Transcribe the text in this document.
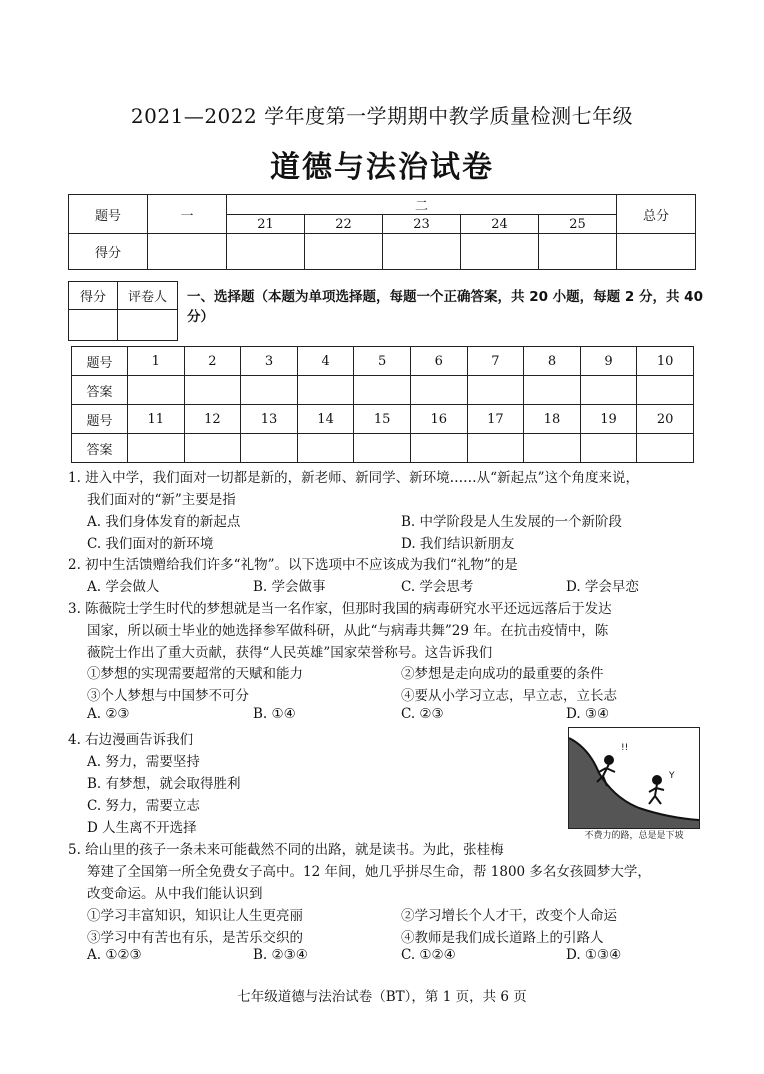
2021—2022 学年度第一学期期中教学质量检测七年级
道德与法治试卷
题号	一	二					总分
		21	22	23	24	25	
得分							
得分	评卷人
	一、选择题（本题为单项选择题，每题一个正确答案，共 20 小题，每题 2 分，共 40 分）
题号	1	2	3	4	5	6	7	8	9	10
答案										
题号	11	12	13	14	15	16	17	18	19	20
答案										
1. 进入中学，我们面对一切都是新的，新老师、新同学、新环境……从“新起点”这个角度来说，
我们面对的“新”主要是指
A. 我们身体发育的新起点	B. 中学阶段是人生发展的一个新阶段
C. 我们面对的新环境	D. 我们结识新朋友
2. 初中生活馈赠给我们许多“礼物”。以下选项中不应该成为我们“礼物”的是
A. 学会做人	B. 学会做事	C. 学会思考	D. 学会早恋
3. 陈薇院士学生时代的梦想就是当一名作家，但那时我国的病毒研究水平还远远落后于发达
国家，所以硕士毕业的她选择参军做科研，从此“与病毒共舞”29 年。在抗击疫情中，陈
薇院士作出了重大贡献，获得“人民英雄”国家荣誉称号。这告诉我们
①梦想的实现需要超常的天赋和能力	②梦想是走向成功的最重要的条件
③个人梦想与中国梦不可分	④要从小学习立志，早立志，立长志
A. ②③	B. ①④	C. ②③	D. ③④
4. 右边漫画告诉我们
A. 努力，需要坚持
B. 有梦想，就会取得胜利
C. 努力，需要立志
D 人生离不开选择
!!
Y
不费力的路，总是是下坡
5. 给山里的孩子一条未来可能截然不同的出路，就是读书。为此，张桂梅
筹建了全国第一所全免费女子高中。12 年间，她几乎拼尽生命，帮 1800 多名女孩圆梦大学，
改变命运。从中我们能认识到
①学习丰富知识，知识让人生更亮丽	②学习增长个人才干，改变个人命运
③学习中有苦也有乐，是苦乐交织的	④教师是我们成长道路上的引路人
A. ①②③	B. ②③④	C. ①②④	D. ①③④
七年级道德与法治试卷（BT），第 1 页，共 6 页
